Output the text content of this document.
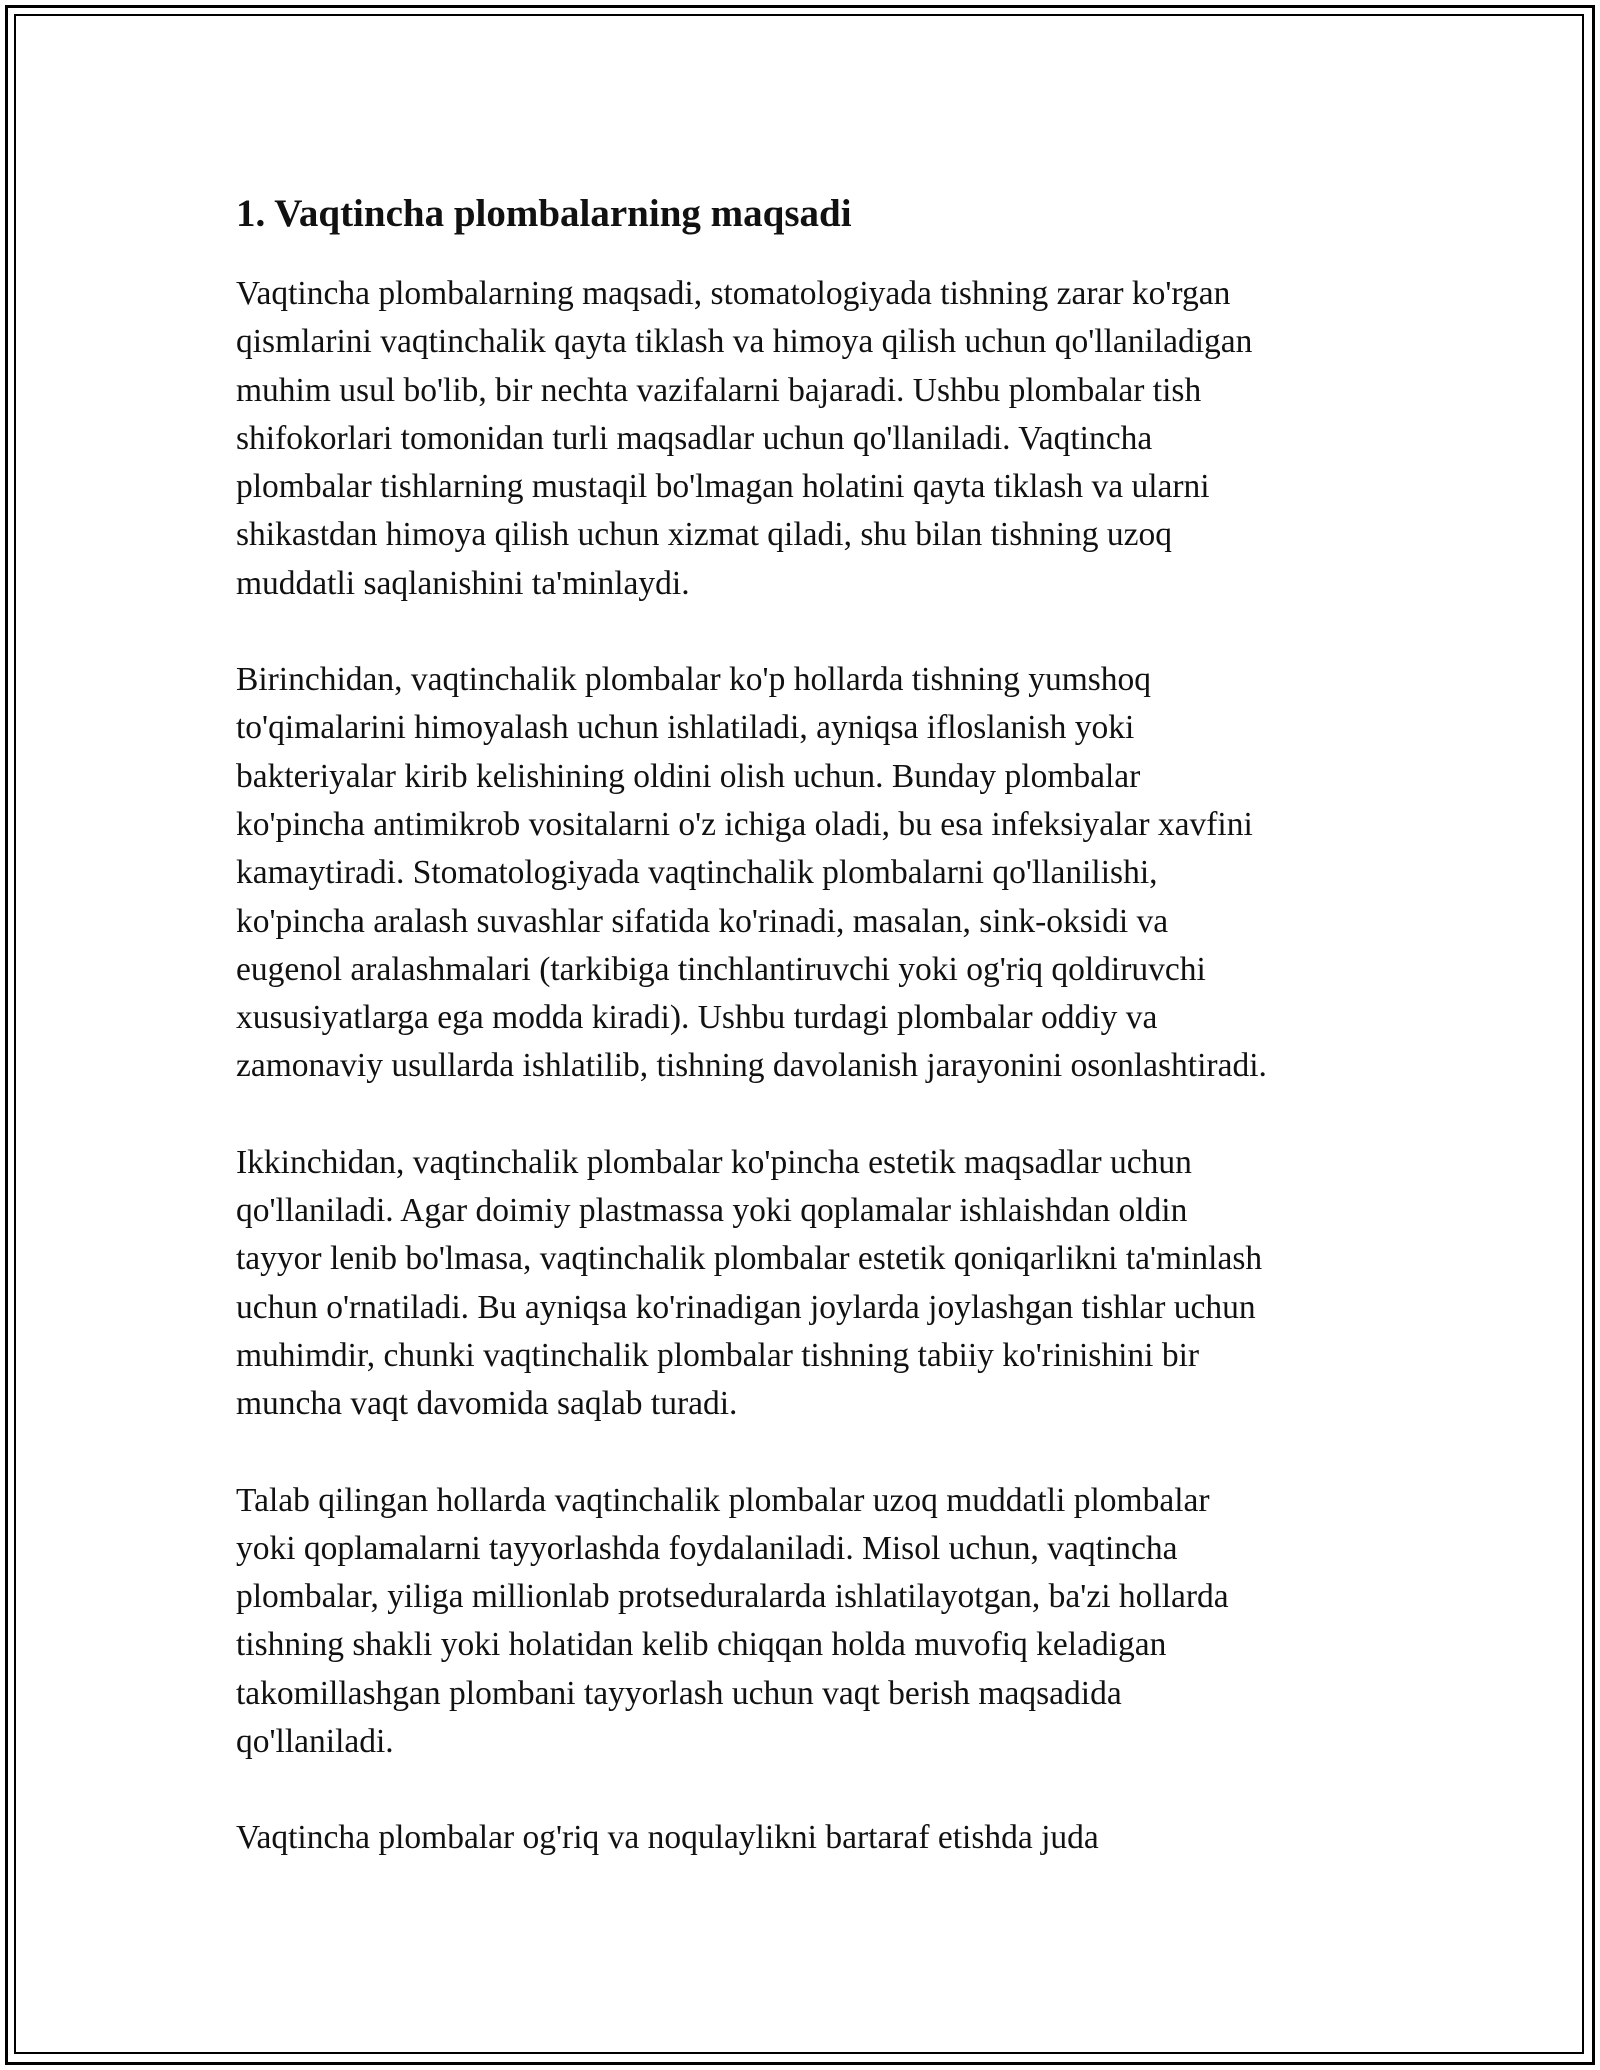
1. Vaqtincha plombalarning maqsadi

Vaqtincha plombalarning maqsadi, stomatologiyada tishning zarar ko'rgan
qismlarini vaqtinchalik qayta tiklash va himoya qilish uchun qo'llaniladigan
muhim usul bo'lib, bir nechta vazifalarni bajaradi. Ushbu plombalar tish
shifokorlari tomonidan turli maqsadlar uchun qo'llaniladi. Vaqtincha
plombalar tishlarning mustaqil bo'lmagan holatini qayta tiklash va ularni
shikastdan himoya qilish uchun xizmat qiladi, shu bilan tishning uzoq
muddatli saqlanishini ta'minlaydi.

Birinchidan, vaqtinchalik plombalar ko'p hollarda tishning yumshoq
to'qimalarini himoyalash uchun ishlatiladi, ayniqsa ifloslanish yoki
bakteriyalar kirib kelishining oldini olish uchun. Bunday plombalar
ko'pincha antimikrob vositalarni o'z ichiga oladi, bu esa infeksiyalar xavfini
kamaytiradi. Stomatologiyada vaqtinchalik plombalarni qo'llanilishi,
ko'pincha aralash suvashlar sifatida ko'rinadi, masalan, sink-oksidi va
eugenol aralashmalari (tarkibiga tinchlantiruvchi yoki og'riq qoldiruvchi
xususiyatlarga ega modda kiradi). Ushbu turdagi plombalar oddiy va
zamonaviy usullarda ishlatilib, tishning davolanish jarayonini osonlashtiradi.

Ikkinchidan, vaqtinchalik plombalar ko'pincha estetik maqsadlar uchun
qo'llaniladi. Agar doimiy plastmassa yoki qoplamalar ishlaishdan oldin
tayyor lenib bo'lmasa, vaqtinchalik plombalar estetik qoniqarlikni ta'minlash
uchun o'rnatiladi. Bu ayniqsa ko'rinadigan joylarda joylashgan tishlar uchun
muhimdir, chunki vaqtinchalik plombalar tishning tabiiy ko'rinishini bir
muncha vaqt davomida saqlab turadi.

Talab qilingan hollarda vaqtinchalik plombalar uzoq muddatli plombalar
yoki qoplamalarni tayyorlashda foydalaniladi. Misol uchun, vaqtincha
plombalar, yiliga millionlab protseduralarda ishlatilayotgan, ba'zi hollarda
tishning shakli yoki holatidan kelib chiqqan holda muvofiq keladigan
takomillashgan plombani tayyorlash uchun vaqt berish maqsadida
qo'llaniladi.

Vaqtincha plombalar og'riq va noqulaylikni bartaraf etishda juda
